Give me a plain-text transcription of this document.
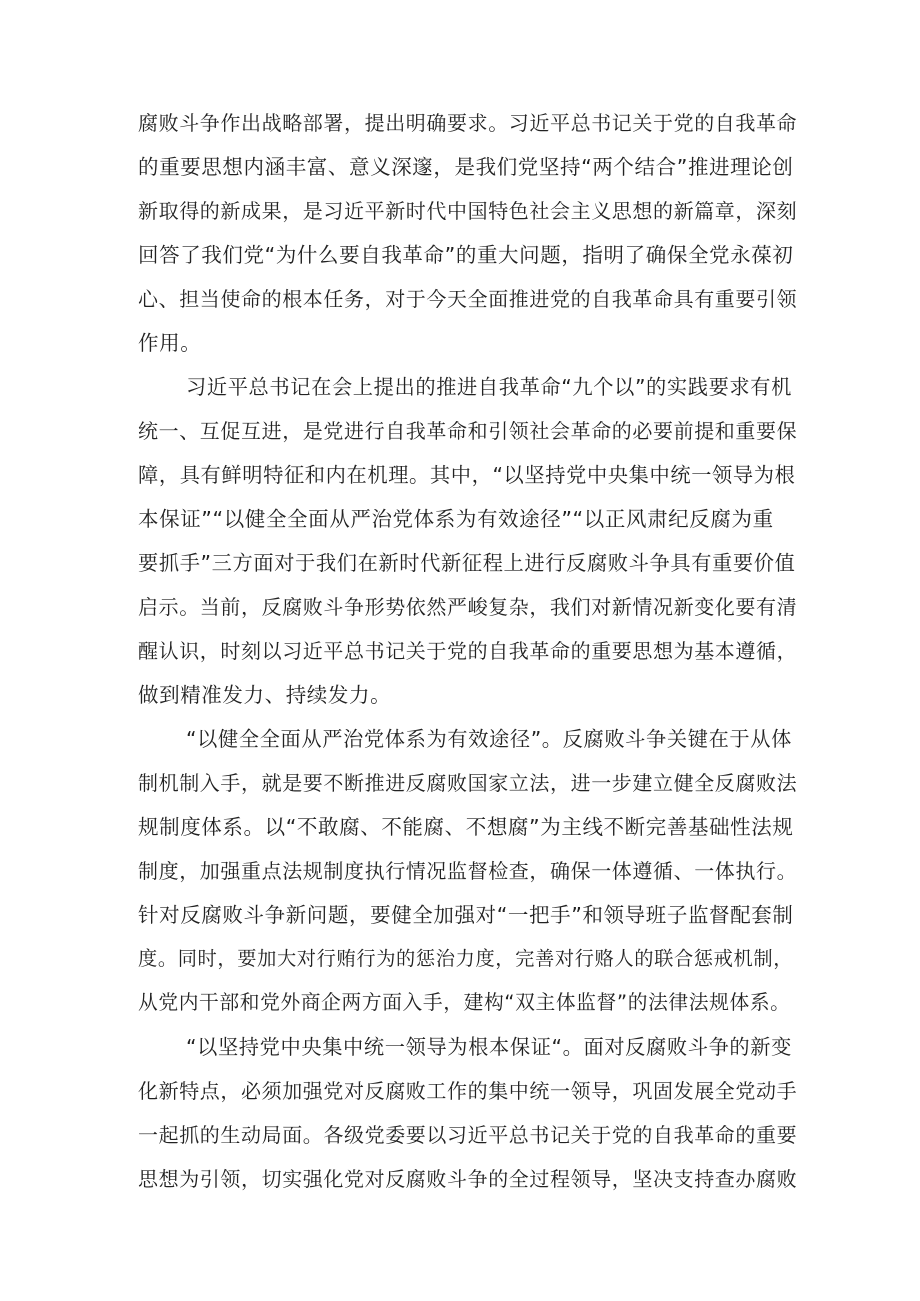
腐败斗争作出战略部署，提出明确要求。习近平总书记关于党的自我革命

的重要思想内涵丰富、意义深邃，是我们党坚持“两个结合”推进理论创

新取得的新成果，是习近平新时代中国特色社会主义思想的新篇章，深刻

回答了我们党“为什么要自我革命”的重大问题，指明了确保全党永葆初

心、担当使命的根本任务，对于今天全面推进党的自我革命具有重要引领

作用。

习近平总书记在会上提出的推进自我革命“九个以”的实践要求有机

统一、互促互进，是党进行自我革命和引领社会革命的必要前提和重要保

障，具有鲜明特征和内在机理。其中，“以坚持党中央集中统一领导为根

本保证”“以健全全面从严治党体系为有效途径”“以正风肃纪反腐为重

要抓手”三方面对于我们在新时代新征程上进行反腐败斗争具有重要价值

启示。当前，反腐败斗争形势依然严峻复杂，我们对新情况新变化要有清

醒认识，时刻以习近平总书记关于党的自我革命的重要思想为基本遵循，

做到精准发力、持续发力。

“以健全全面从严治党体系为有效途径”。反腐败斗争关键在于从体

制机制入手，就是要不断推进反腐败国家立法，进一步建立健全反腐败法

规制度体系。以“不敢腐、不能腐、不想腐”为主线不断完善基础性法规

制度，加强重点法规制度执行情况监督检查，确保一体遵循、一体执行。

针对反腐败斗争新问题，要健全加强对“一把手”和领导班子监督配套制

度。同时，要加大对行贿行为的惩治力度，完善对行赂人的联合惩戒机制，

从党内干部和党外商企两方面入手，建构“双主体监督”的法律法规体系。

“以坚持党中央集中统一领导为根本保证“。面对反腐败斗争的新变

化新特点，必须加强党对反腐败工作的集中统一领导，巩固发展全党动手

一起抓的生动局面。各级党委要以习近平总书记关于党的自我革命的重要

思想为引领，切实强化党对反腐败斗争的全过程领导，坚决支持查办腐败
